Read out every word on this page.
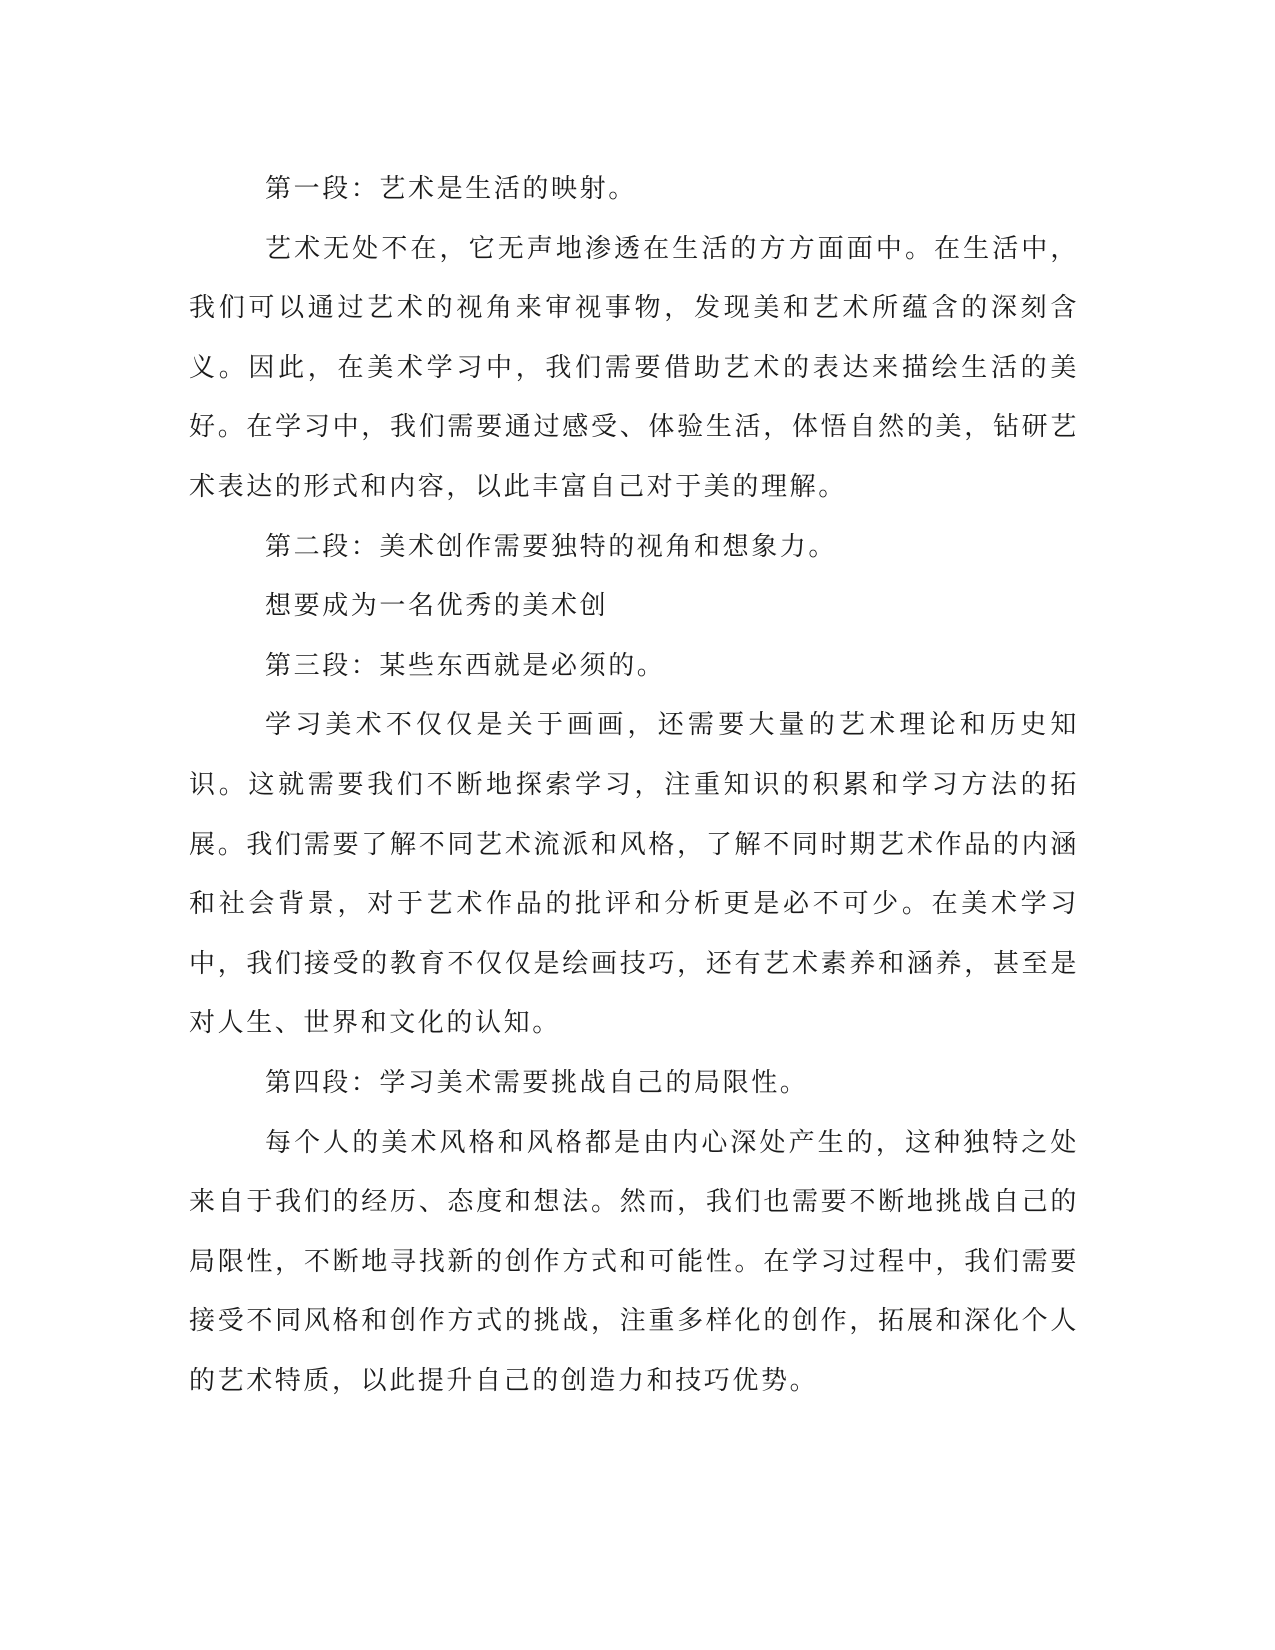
第一段：艺术是生活的映射。

艺术无处不在，它无声地渗透在生活的方方面面中。在生活中，我们可以通过艺术的视角来审视事物，发现美和艺术所蕴含的深刻含义。因此，在美术学习中，我们需要借助艺术的表达来描绘生活的美好。在学习中，我们需要通过感受、体验生活，体悟自然的美，钻研艺术表达的形式和内容，以此丰富自己对于美的理解。

第二段：美术创作需要独特的视角和想象力。

想要成为一名优秀的美术创

第三段：某些东西就是必须的。

学习美术不仅仅是关于画画，还需要大量的艺术理论和历史知识。这就需要我们不断地探索学习，注重知识的积累和学习方法的拓展。我们需要了解不同艺术流派和风格，了解不同时期艺术作品的内涵和社会背景，对于艺术作品的批评和分析更是必不可少。在美术学习中，我们接受的教育不仅仅是绘画技巧，还有艺术素养和涵养，甚至是对人生、世界和文化的认知。

第四段：学习美术需要挑战自己的局限性。

每个人的美术风格和风格都是由内心深处产生的，这种独特之处来自于我们的经历、态度和想法。然而，我们也需要不断地挑战自己的局限性，不断地寻找新的创作方式和可能性。在学习过程中，我们需要接受不同风格和创作方式的挑战，注重多样化的创作，拓展和深化个人的艺术特质，以此提升自己的创造力和技巧优势。
